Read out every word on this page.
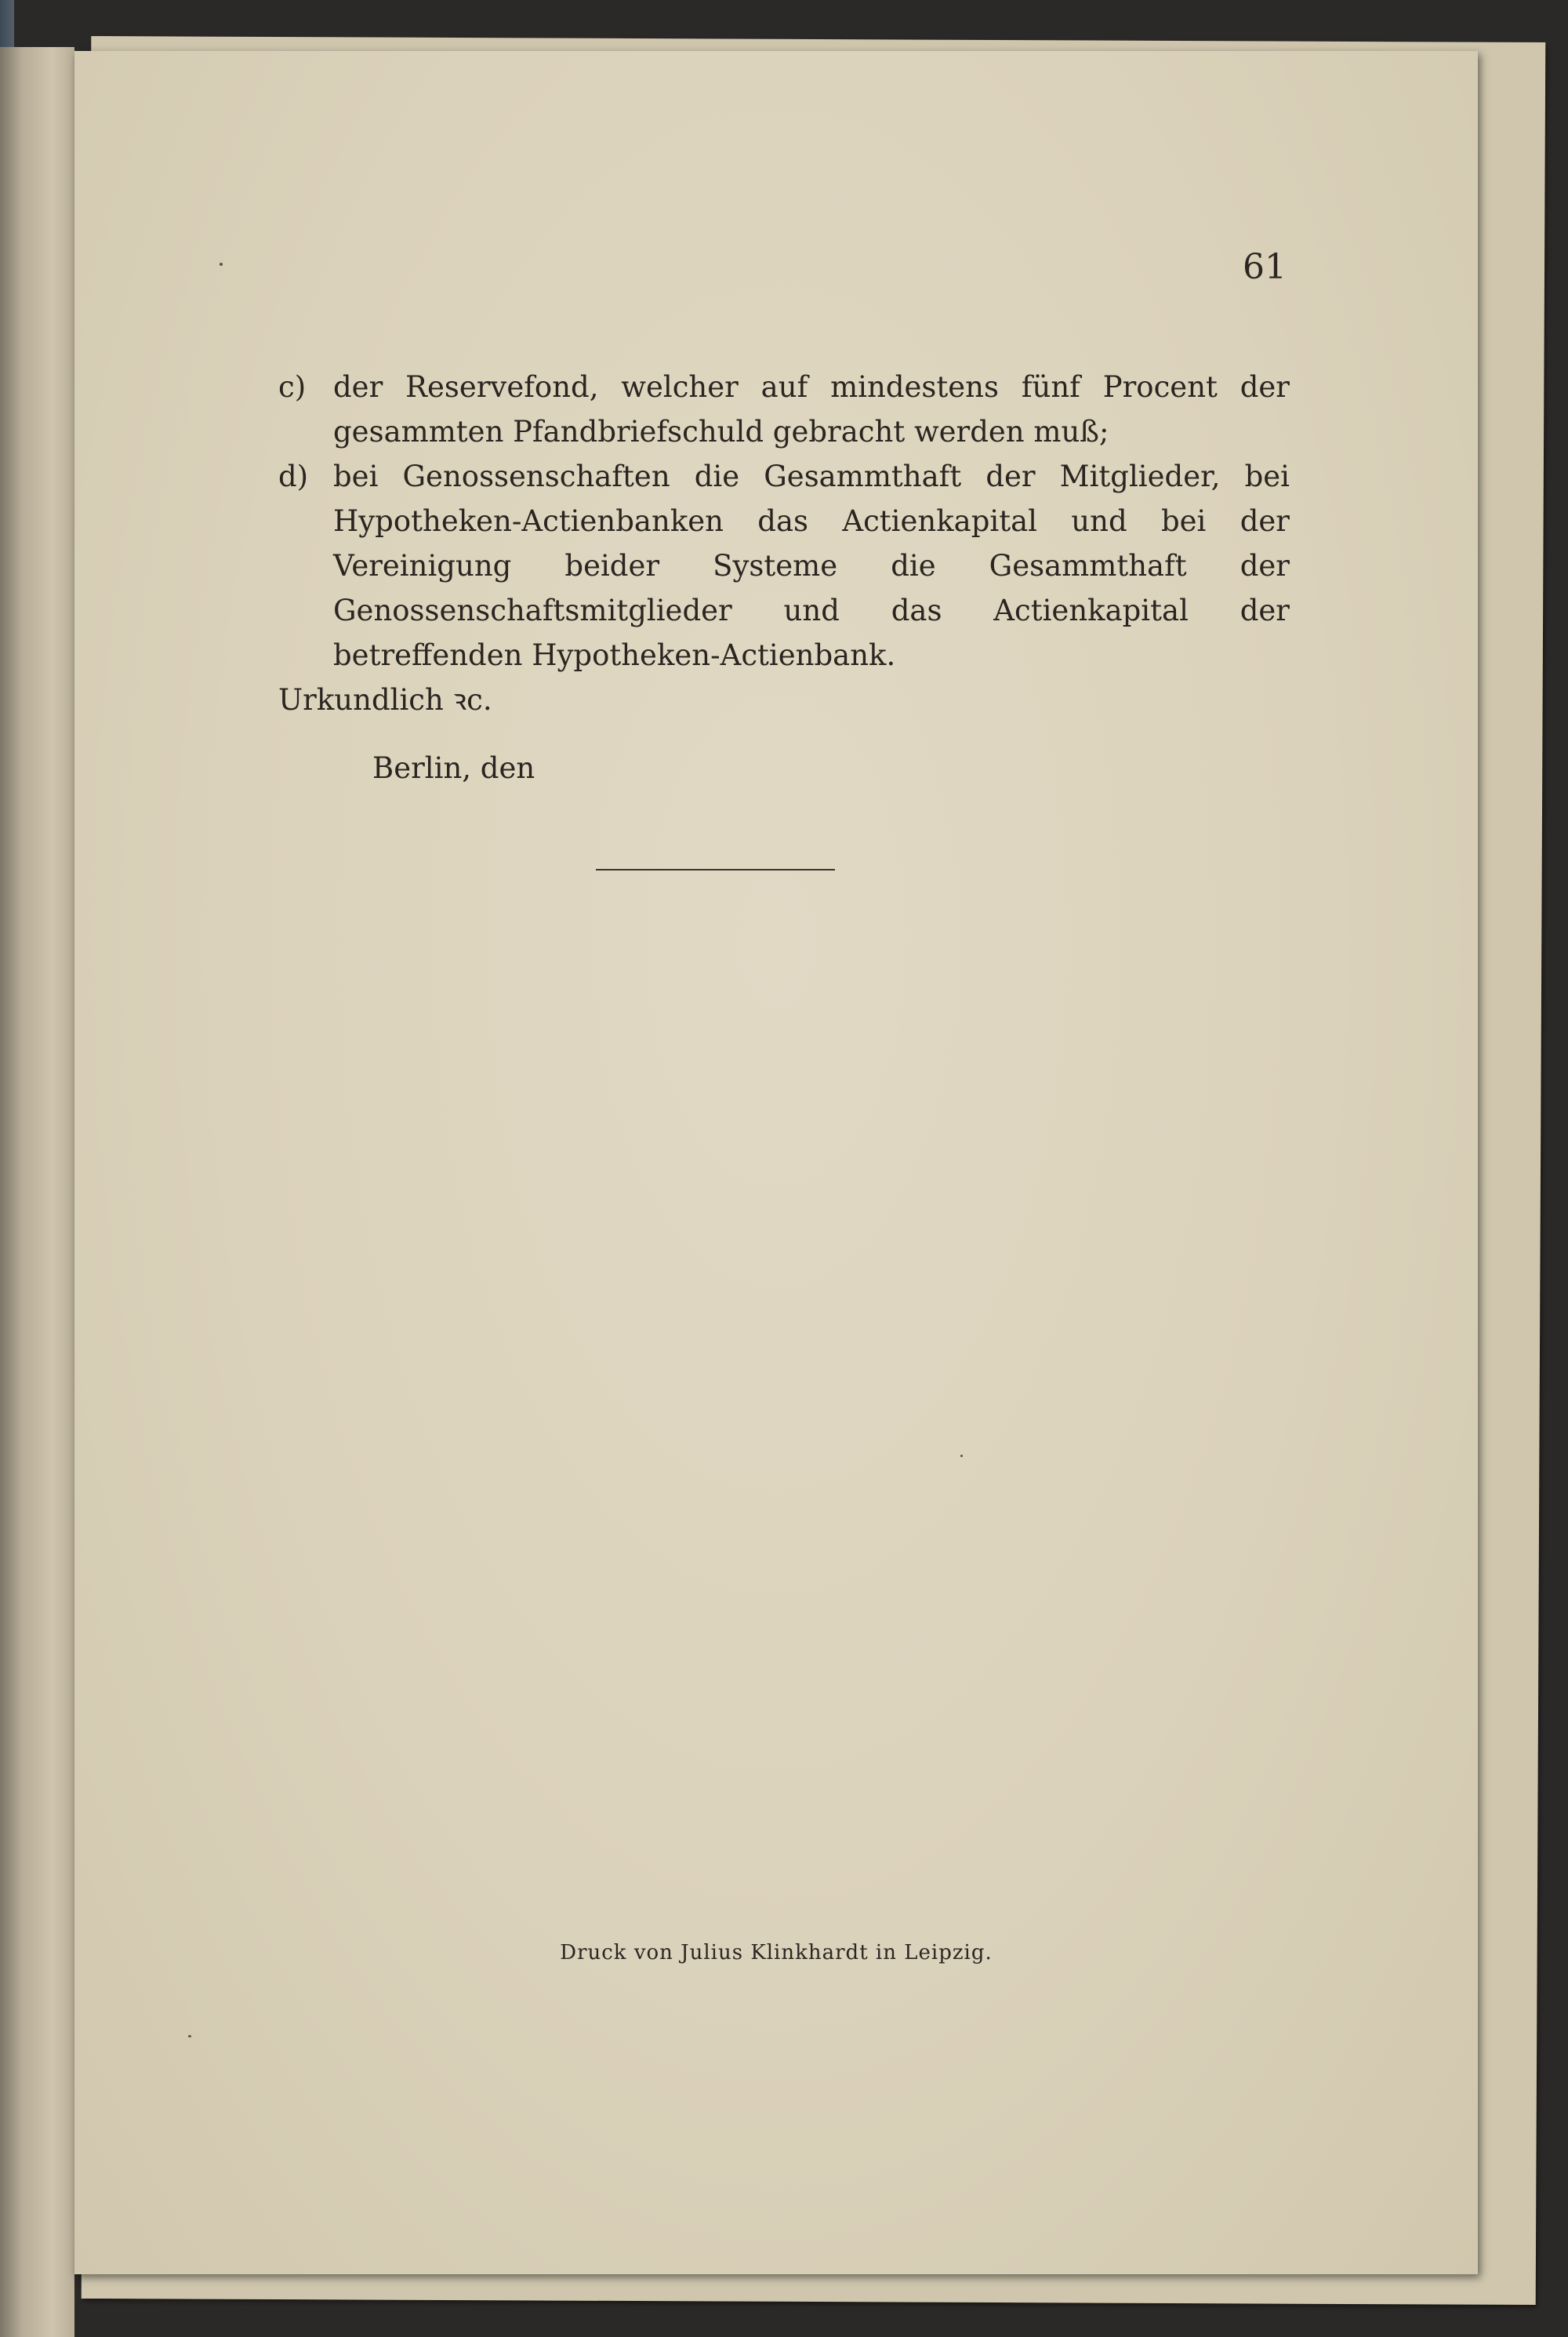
61
c) der Reservefond, welcher auf mindestens fünf Procent der gesammten Pfandbriefschuld gebracht werden muß;
d) bei Genossenschaften die Gesammthaft der Mitglieder, bei Hypotheken-Actienbanken das Actienkapital und bei der Vereinigung beider Systeme die Gesammthaft der Genossenschaftsmitglieder und das Actienkapital der betreffenden Hypotheken-Actienbank.
Urkundlich ꝛc.
Berlin, den
Druck von Julius Klinkhardt in Leipzig.
